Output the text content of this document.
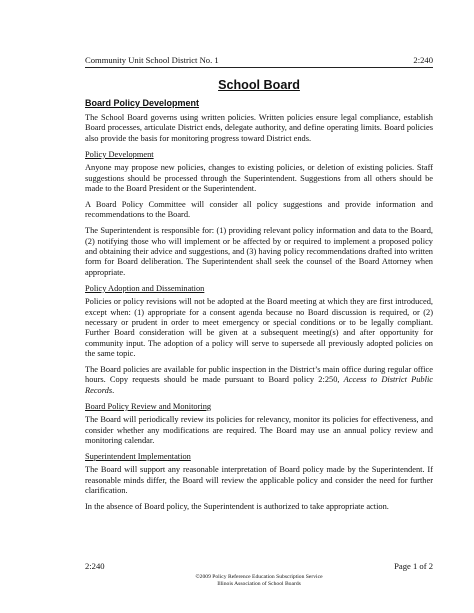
Community Unit School District No. 1	2:240
School Board
Board Policy Development

The School Board governs using written policies. Written policies ensure legal compliance, establish Board processes, articulate District ends, delegate authority, and define operating limits. Board policies also provide the basis for monitoring progress toward District ends.

Policy Development

Anyone may propose new policies, changes to existing policies, or deletion of existing policies. Staff suggestions should be processed through the Superintendent. Suggestions from all others should be made to the Board President or the Superintendent.

A Board Policy Committee will consider all policy suggestions and provide information and recommendations to the Board.

The Superintendent is responsible for: (1) providing relevant policy information and data to the Board, (2) notifying those who will implement or be affected by or required to implement a proposed policy and obtaining their advice and suggestions, and (3) having policy recommendations drafted into written form for Board deliberation. The Superintendent shall seek the counsel of the Board Attorney when appropriate.

Policy Adoption and Dissemination

Policies or policy revisions will not be adopted at the Board meeting at which they are first introduced, except when: (1) appropriate for a consent agenda because no Board discussion is required, or (2) necessary or prudent in order to meet emergency or special conditions or to be legally compliant. Further Board consideration will be given at a subsequent meeting(s) and after opportunity for community input. The adoption of a policy will serve to supersede all previously adopted policies on the same topic.

The Board policies are available for public inspection in the District’s main office during regular office hours. Copy requests should be made pursuant to Board policy 2:250, Access to District Public Records.

Board Policy Review and Monitoring

The Board will periodically review its policies for relevancy, monitor its policies for effectiveness, and consider whether any modifications are required. The Board may use an annual policy review and monitoring calendar.

Superintendent Implementation

The Board will support any reasonable interpretation of Board policy made by the Superintendent. If reasonable minds differ, the Board will review the applicable policy and consider the need for further clarification.

In the absence of Board policy, the Superintendent is authorized to take appropriate action.

2:240	Page 1 of 2
©2009 Policy Reference Education Subscription Service
Illinois Association of School Boards
